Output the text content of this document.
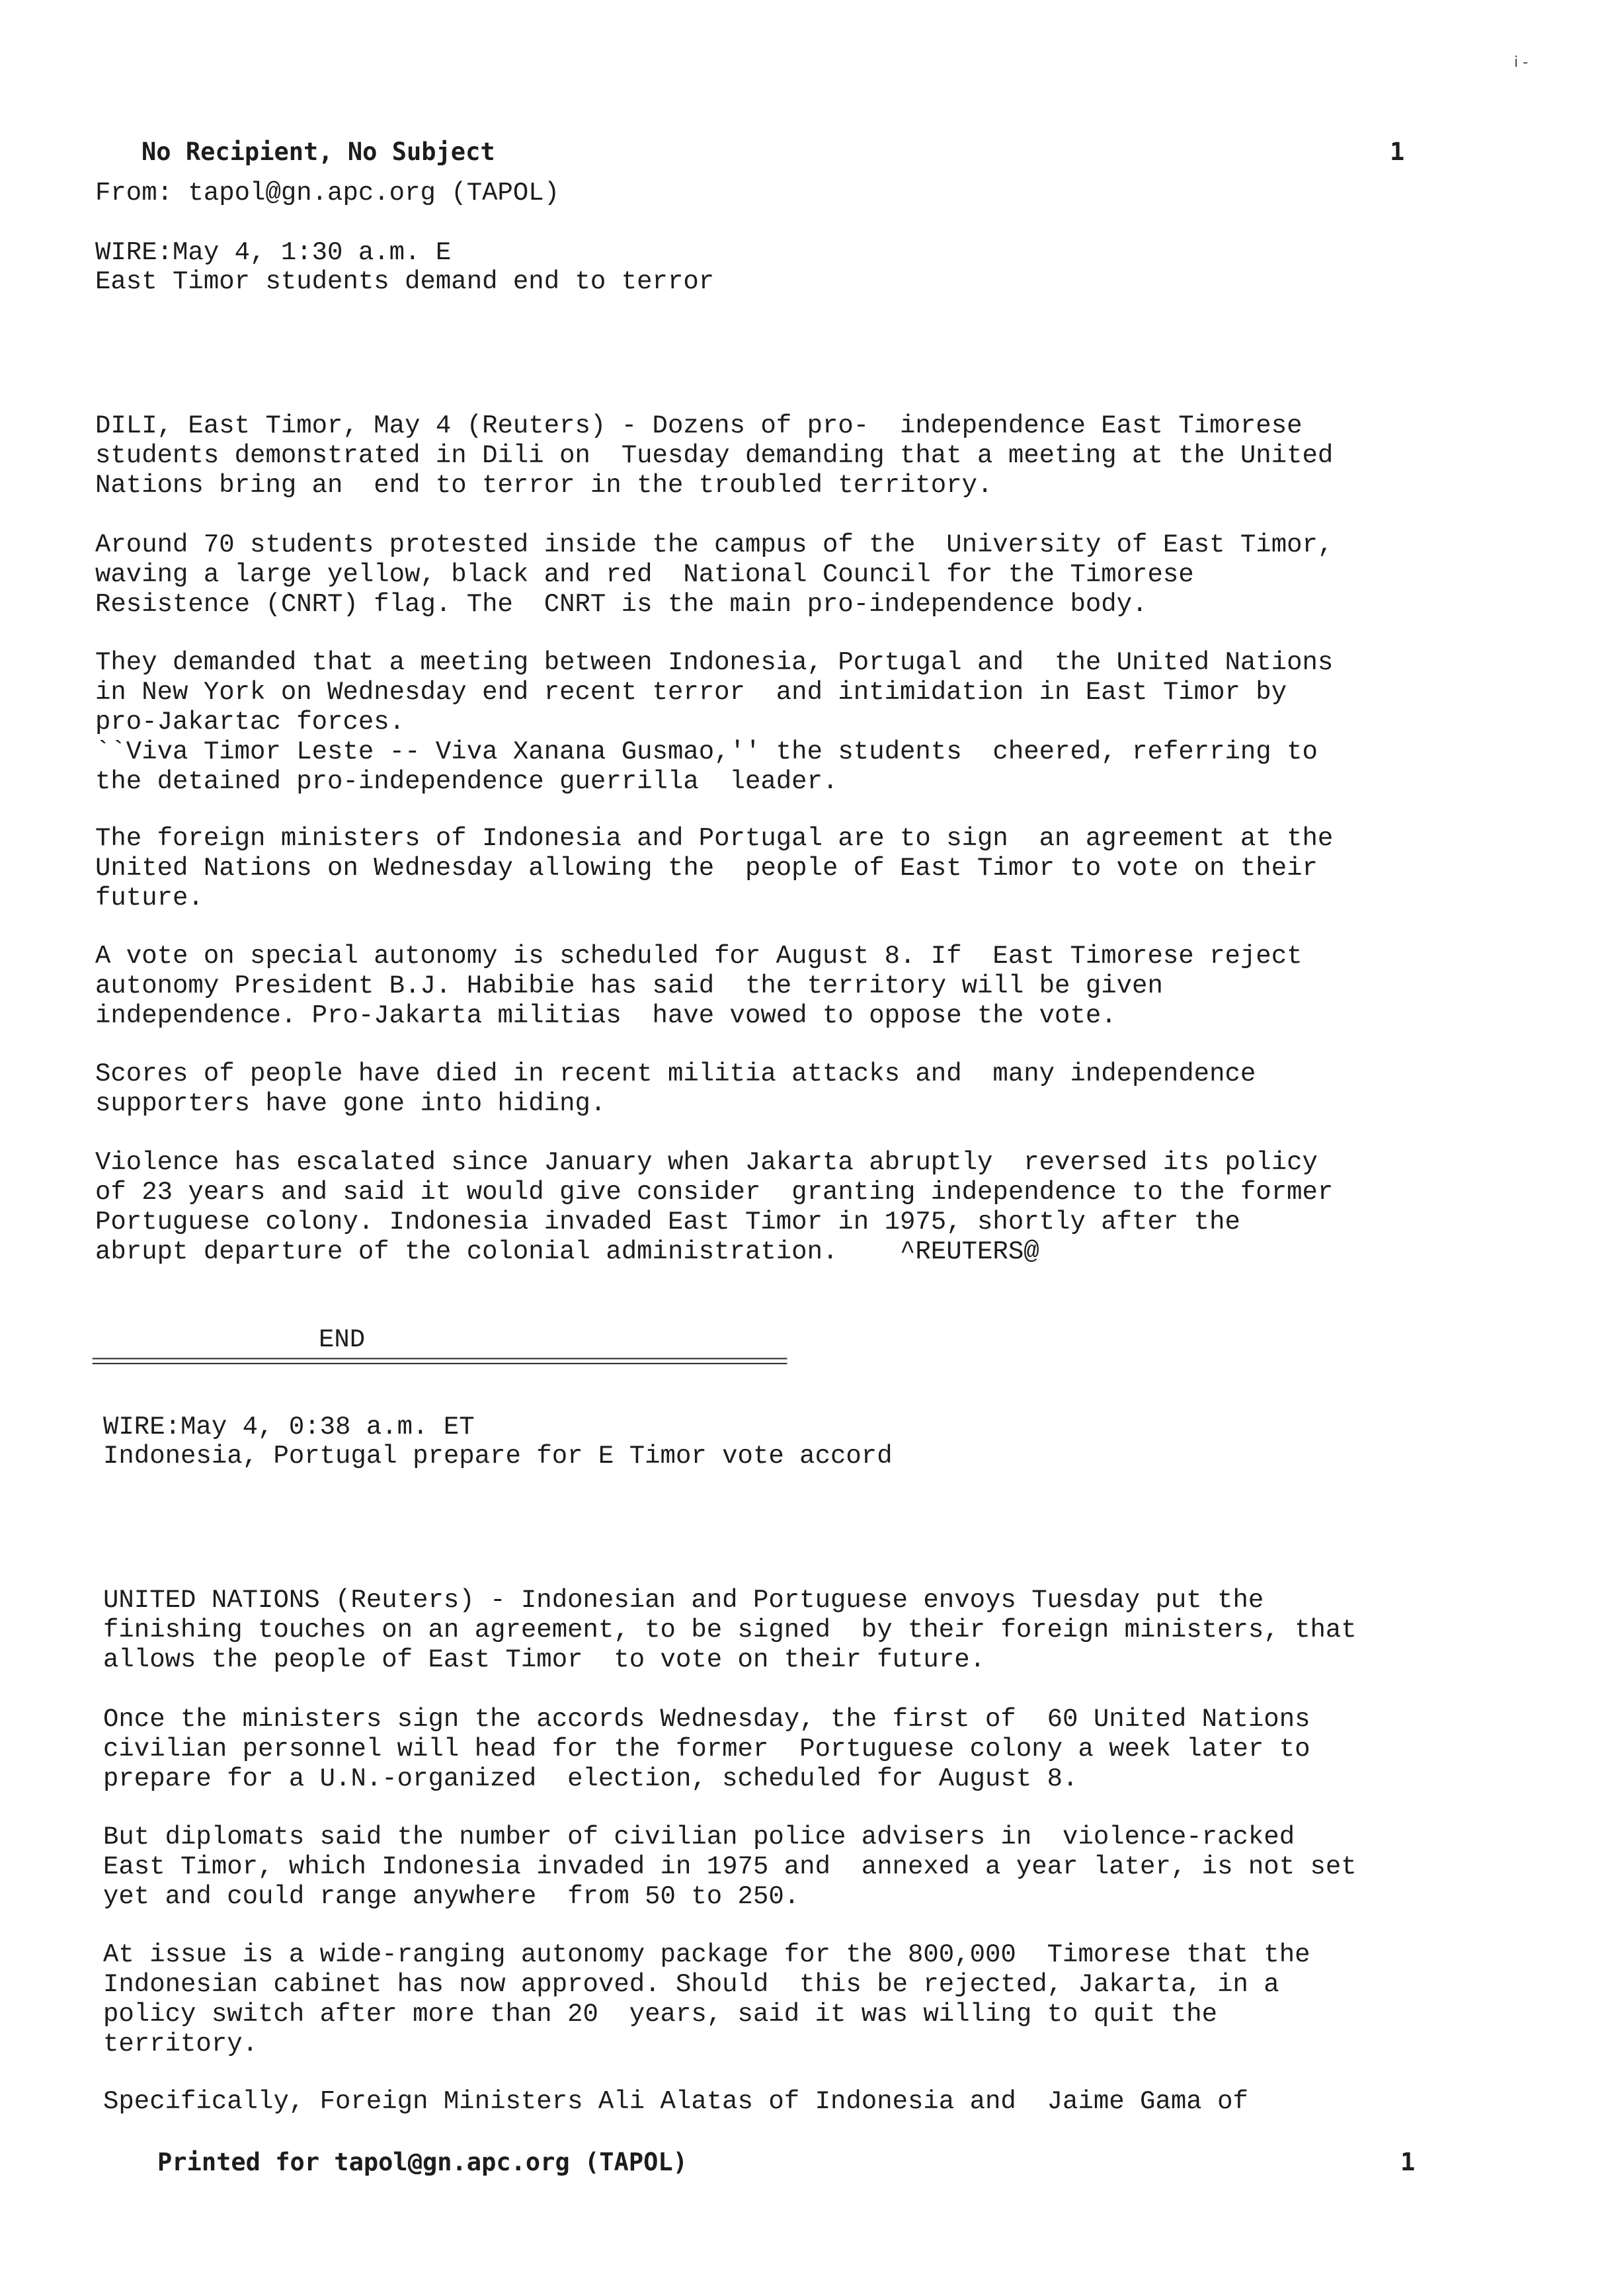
i -
No Recipient, No Subject	1
From: tapol@gn.apc.org (TAPOL)
WIRE:May 4, 1:30 a.m. E
East Timor students demand end to terror
DILI, East Timor, May 4 (Reuters) - Dozens of pro-  independence East Timorese
students demonstrated in Dili on  Tuesday demanding that a meeting at the United
Nations bring an  end to terror in the troubled territory.
Around 70 students protested inside the campus of the  University of East Timor,
waving a large yellow, black and red  National Council for the Timorese
Resistence (CNRT) flag. The  CNRT is the main pro-independence body.
They demanded that a meeting between Indonesia, Portugal and  the United Nations
in New York on Wednesday end recent terror  and intimidation in East Timor by
pro-Jakartac forces.
``Viva Timor Leste -- Viva Xanana Gusmao,'' the students  cheered, referring to
the detained pro-independence guerrilla  leader.
The foreign ministers of Indonesia and Portugal are to sign  an agreement at the
United Nations on Wednesday allowing the  people of East Timor to vote on their
future.
A vote on special autonomy is scheduled for August 8. If  East Timorese reject
autonomy President B.J. Habibie has said  the territory will be given
independence. Pro-Jakarta militias  have vowed to oppose the vote.
Scores of people have died in recent militia attacks and  many independence
supporters have gone into hiding.
Violence has escalated since January when Jakarta abruptly  reversed its policy
of 23 years and said it would give consider  granting independence to the former
Portuguese colony. Indonesia invaded East Timor in 1975, shortly after the
abrupt departure of the colonial administration.    ^REUTERS@
END
===========================================================================
WIRE:May 4, 0:38 a.m. ET
Indonesia, Portugal prepare for E Timor vote accord
UNITED NATIONS (Reuters) - Indonesian and Portuguese envoys Tuesday put the
finishing touches on an agreement, to be signed  by their foreign ministers, that
allows the people of East Timor  to vote on their future.
Once the ministers sign the accords Wednesday, the first of  60 United Nations
civilian personnel will head for the former  Portuguese colony a week later to
prepare for a U.N.-organized  election, scheduled for August 8.
But diplomats said the number of civilian police advisers in  violence-racked
East Timor, which Indonesia invaded in 1975 and  annexed a year later, is not set
yet and could range anywhere  from 50 to 250.
At issue is a wide-ranging autonomy package for the 800,000  Timorese that the
Indonesian cabinet has now approved. Should  this be rejected, Jakarta, in a
policy switch after more than 20  years, said it was willing to quit the
territory.
Specifically, Foreign Ministers Ali Alatas of Indonesia and  Jaime Gama of
Printed for tapol@gn.apc.org (TAPOL)	1
